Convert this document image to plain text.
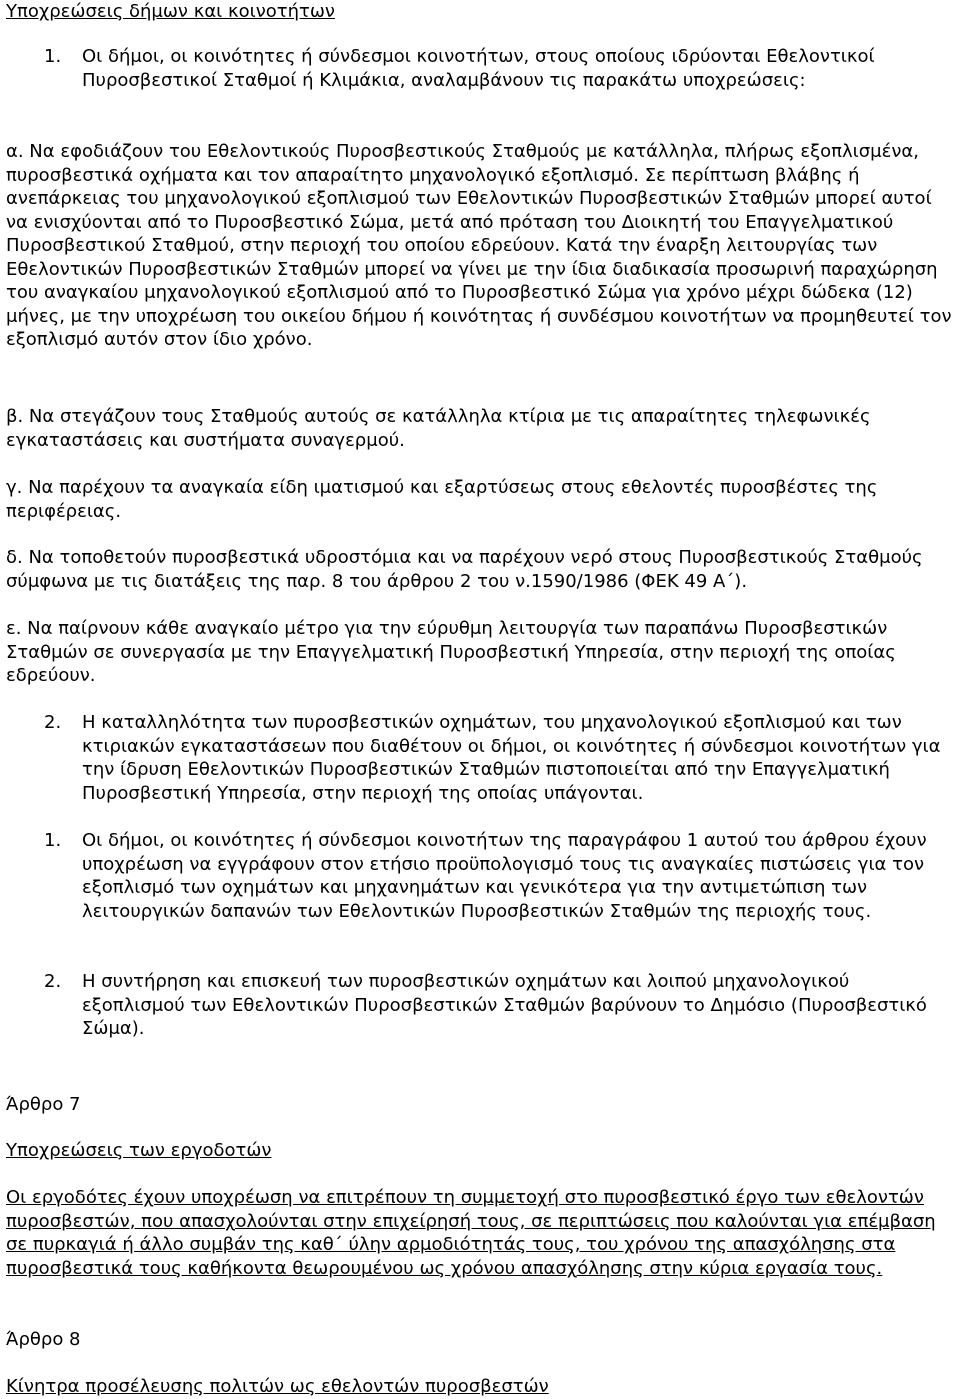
Υποχρεώσεις δήμων και κοινοτήτων

1.	Οι δήμοι, οι κοινότητες ή σύνδεσμοι κοινοτήτων, στους οποίους ιδρύονται Εθελοντικοί
Πυροσβεστικοί Σταθμοί ή Κλιμάκια, αναλαμβάνουν τις παρακάτω υποχρεώσεις:

α. Να εφοδιάζουν του Εθελοντικούς Πυροσβεστικούς Σταθμούς με κατάλληλα, πλήρως εξοπλισμένα, πυροσβεστικά οχήματα και τον απαραίτητο μηχανολογικό εξοπλισμό. Σε περίπτωση βλάβης ή ανεπάρκειας του μηχανολογικού εξοπλισμού των Εθελοντικών Πυροσβεστικών Σταθμών μπορεί αυτοί να ενισχύονται από το Πυροσβεστικό Σώμα, μετά από πρόταση του Διοικητή του Επαγγελματικού Πυροσβεστικού Σταθμού, στην περιοχή του οποίου εδρεύουν. Κατά την έναρξη λειτουργίας των Εθελοντικών Πυροσβεστικών Σταθμών μπορεί να γίνει με την ίδια διαδικασία προσωρινή παραχώρηση του αναγκαίου μηχανολογικού εξοπλισμού από το Πυροσβεστικό Σώμα για χρόνο μέχρι δώδεκα (12) μήνες, με την υποχρέωση του οικείου δήμου ή κοινότητας ή συνδέσμου κοινοτήτων να προμηθευτεί τον εξοπλισμό αυτόν στον ίδιο χρόνο.

β. Να στεγάζουν τους Σταθμούς αυτούς σε κατάλληλα κτίρια με τις απαραίτητες τηλεφωνικές εγκαταστάσεις και συστήματα συναγερμού.

γ. Να παρέχουν τα αναγκαία είδη ιματισμού και εξαρτύσεως στους εθελοντές πυροσβέστες της περιφέρειας.

δ. Να τοποθετούν πυροσβεστικά υδροστόμια και να παρέχουν νερό στους Πυροσβεστικούς Σταθμούς σύμφωνα με τις διατάξεις της παρ. 8 του άρθρου 2 του ν.1590/1986 (ΦΕΚ 49 Α΄).

ε. Να παίρνουν κάθε αναγκαίο μέτρο για την εύρυθμη λειτουργία των παραπάνω Πυροσβεστικών Σταθμών σε συνεργασία με την Επαγγελματική Πυροσβεστική Υπηρεσία, στην περιοχή της οποίας εδρεύουν.

2.	Η καταλληλότητα των πυροσβεστικών οχημάτων, του μηχανολογικού εξοπλισμού και των κτιριακών εγκαταστάσεων που διαθέτουν οι δήμοι, οι κοινότητες ή σύνδεσμοι κοινοτήτων για την ίδρυση Εθελοντικών Πυροσβεστικών Σταθμών πιστοποιείται από την Επαγγελματική Πυροσβεστική Υπηρεσία, στην περιοχή της οποίας υπάγονται.
1.	Οι δήμοι, οι κοινότητες ή σύνδεσμοι κοινοτήτων της παραγράφου 1 αυτού του άρθρου έχουν υποχρέωση να εγγράφουν στον ετήσιο προϋπολογισμό τους τις αναγκαίες πιστώσεις για τον εξοπλισμό των οχημάτων και μηχανημάτων και γενικότερα για την αντιμετώπιση των λειτουργικών δαπανών των Εθελοντικών Πυροσβεστικών Σταθμών της περιοχής τους.
2.	Η συντήρηση και επισκευή των πυροσβεστικών οχημάτων και λοιπού μηχανολογικού εξοπλισμού των Εθελοντικών Πυροσβεστικών Σταθμών βαρύνουν το Δημόσιο (Πυροσβεστικό Σώμα).

Άρθρο 7

Υποχρεώσεις των εργοδοτών

Οι εργοδότες έχουν υποχρέωση να επιτρέπουν τη συμμετοχή στο πυροσβεστικό έργο των εθελοντών πυροσβεστών, που απασχολούνται στην επιχείρησή τους, σε περιπτώσεις που καλούνται για επέμβαση σε πυρκαγιά ή άλλο συμβάν της καθ΄ ύλην αρμοδιότητάς τους, του χρόνου της απασχόλησης στα πυροσβεστικά τους καθήκοντα θεωρουμένου ως χρόνου απασχόλησης στην κύρια εργασία τους.

Άρθρο 8

Κίνητρα προσέλευσης πολιτών ως εθελοντών πυροσβεστών
